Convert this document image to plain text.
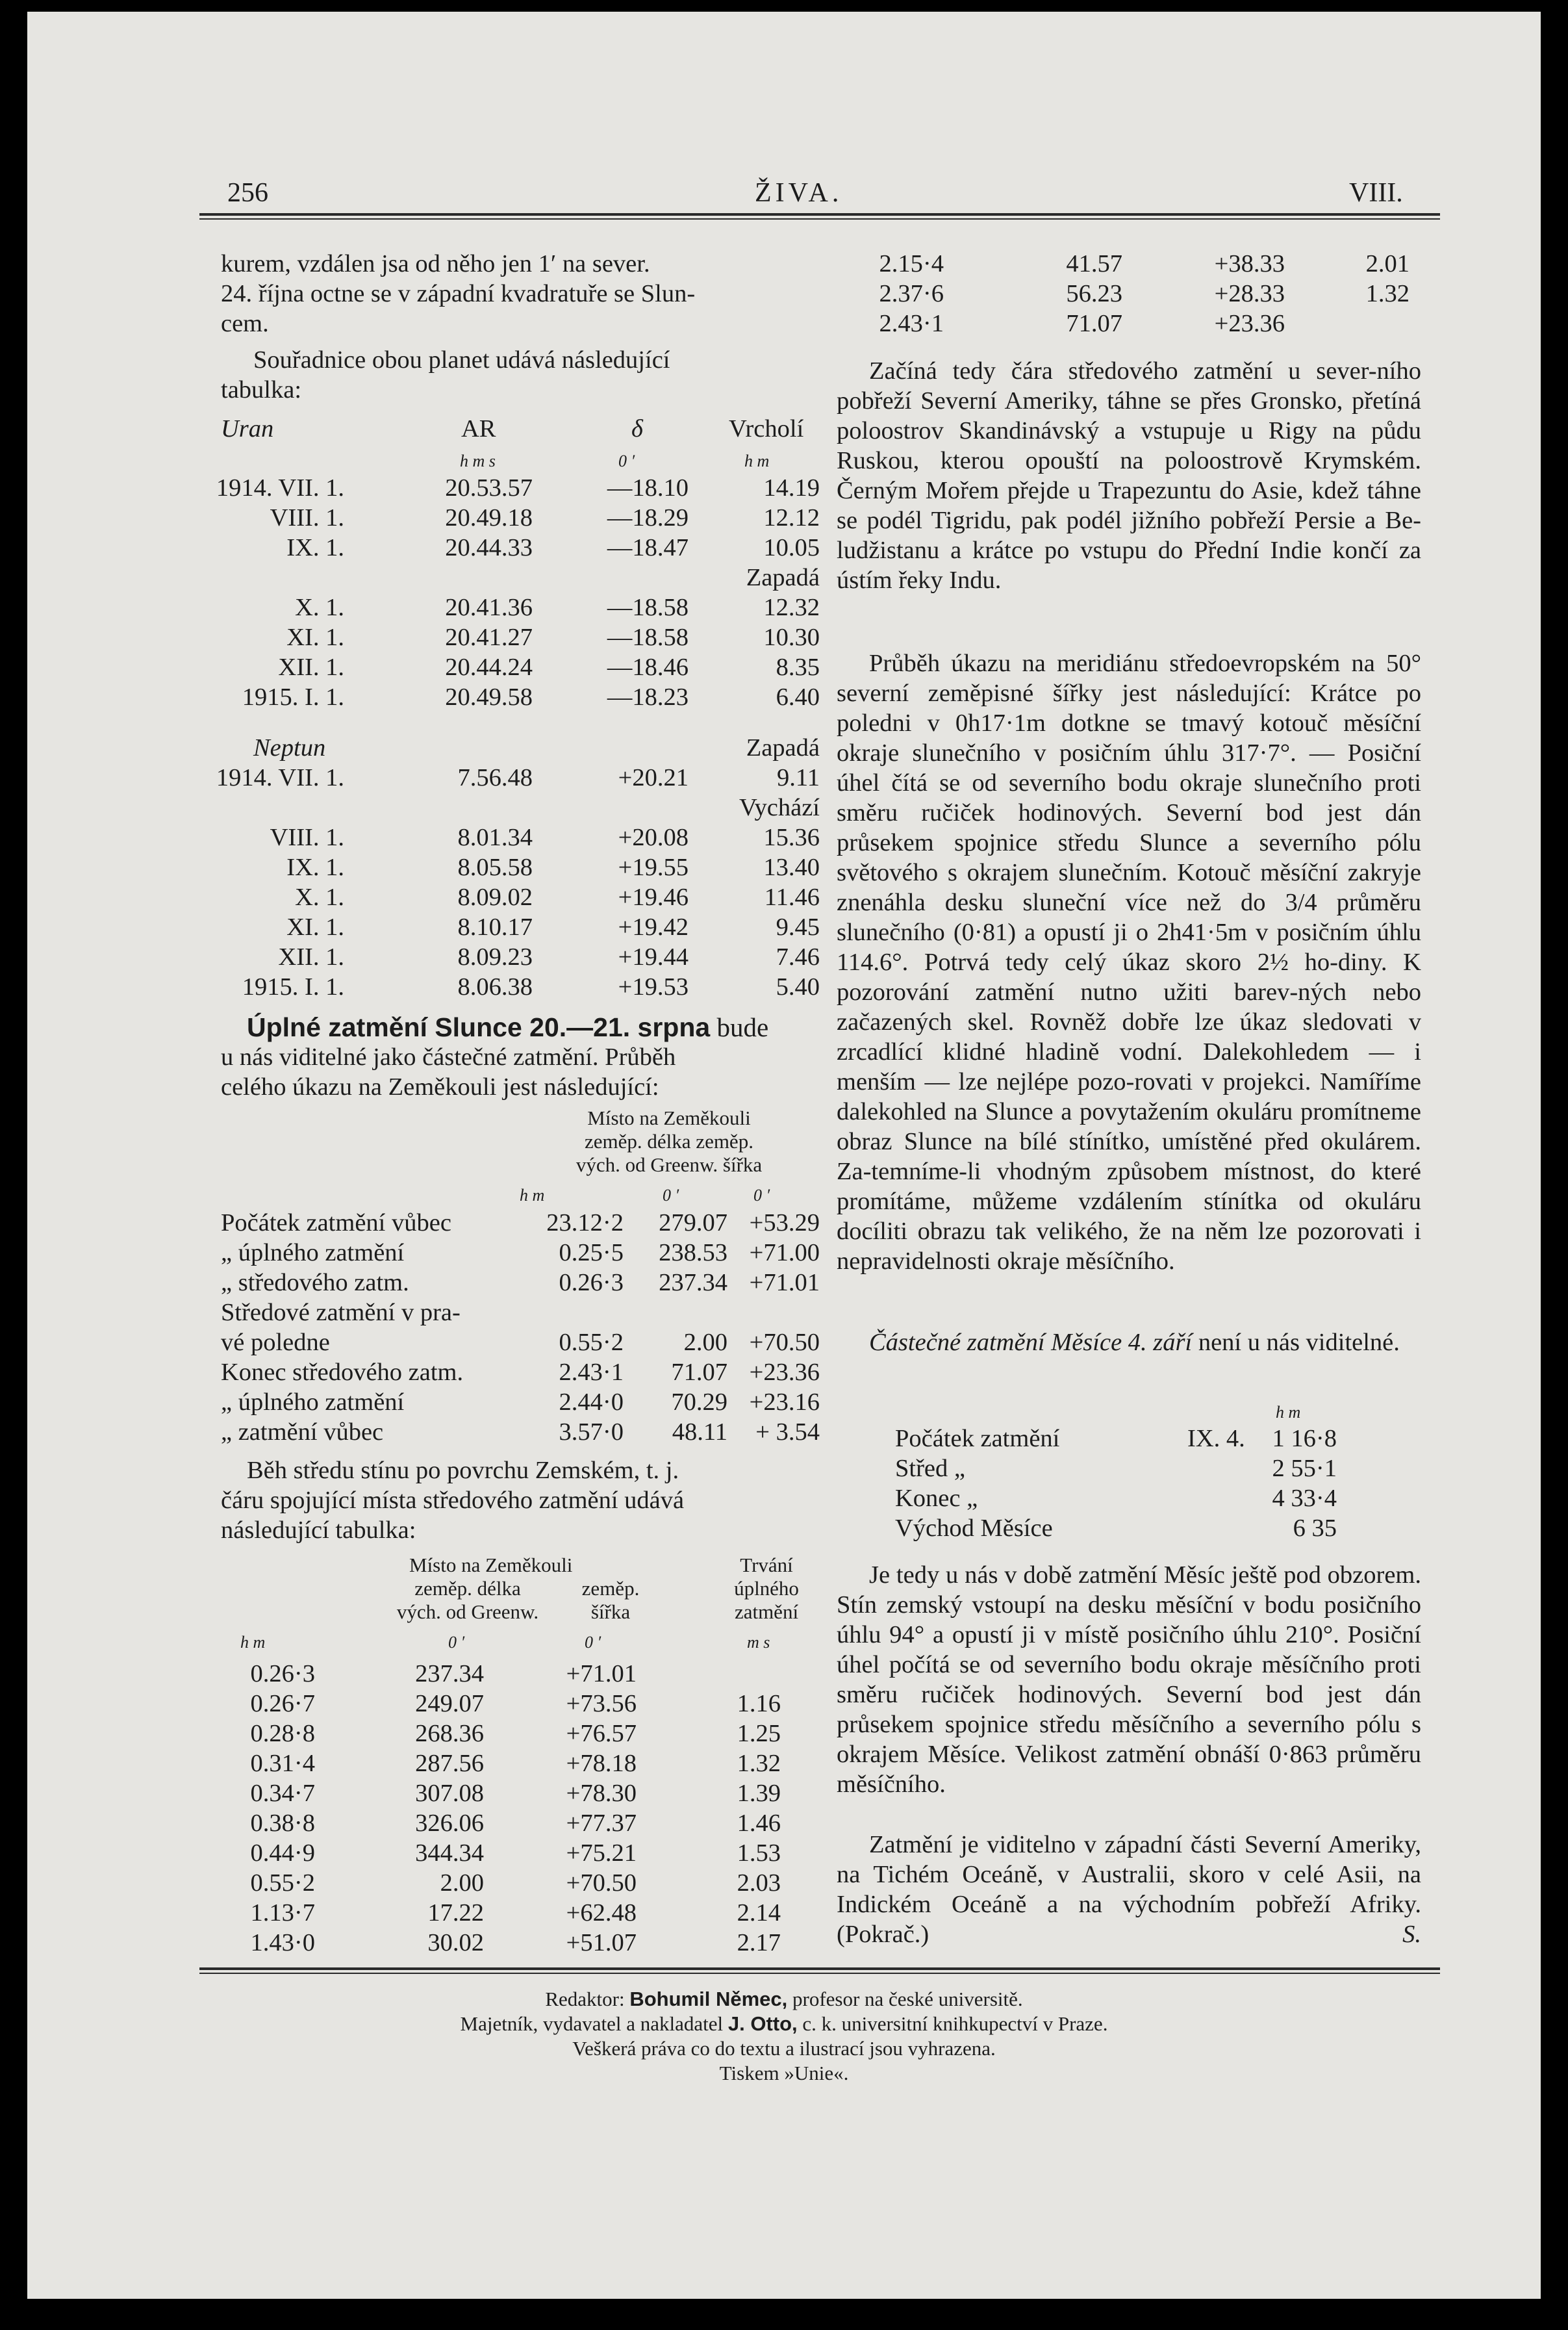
256	ŽIVA.	VIII.
kurem, vzdálen jsa od něho jen 1′ na sever.
24. října octne se v západní kvadratuře se Slun-
cem.
Souřadnice obou planet udává následující
tabulka:
Uran	AR	δ	Vrcholí
h m s	0 ′	h m
1914. VII. 1.	20.53.57	—18.10	14.19
VIII. 1.	20.49.18	—18.29	12.12
IX. 1.	20.44.33	—18.47	10.05
Zapadá
X. 1.	20.41.36	—18.58	12.32
XI. 1.	20.41.27	—18.58	10.30
XII. 1.	20.44.24	—18.46	8.35
1915. I. 1.	20.49.58	—18.23	6.40
Neptun	Zapadá
1914. VII. 1.	7.56.48	+20.21	9.11
Vychází
VIII. 1.	8.01.34	+20.08	15.36
IX. 1.	8.05.58	+19.55	13.40
X. 1.	8.09.02	+19.46	11.46
XI. 1.	8.10.17	+19.42	9.45
XII. 1.	8.09.23	+19.44	7.46
1915. I. 1.	8.06.38	+19.53	5.40
Úplné zatmění Slunce 20.—21. srpna bude
u nás viditelné jako částečné zatmění. Průběh
celého úkazu na Zeměkouli jest následující:
Místo na Zeměkouli
zeměp. délka zeměp.
vých. od Greenw. šířka
h m	0 ′	0 ′
Počátek zatmění vůbec	23.12·2 279.07 +53.29
„ úplného zatmění	0.25·5 238.53 +71.00
„ středového zatm.	0.26·3 237.34 +71.01
Středové zatmění v pra-
vé poledne	0.55·2 2.00 +70.50
Konec středového zatm.	2.43·1 71.07 +23.36
„ úplného zatmění	2.44·0 70.29 +23.16
„ zatmění vůbec	3.57·0 48.11 + 3.54
Běh středu stínu po povrchu Zemském, t. j.
čáru spojující místa středového zatmění udává
následující tabulka:
Místo na Zeměkouli
zeměp. délka
vých. od Greenw.
zeměp.
šířka
Trvání
úplného
zatmění
h m	0 ′	0 ′	m s
0.26·3	237.34	+71.01
0.26·7	249.07	+73.56	1.16
0.28·8	268.36	+76.57	1.25
0.31·4	287.56	+78.18	1.32
0.34·7	307.08	+78.30	1.39
0.38·8	326.06	+77.37	1.46
0.44·9	344.34	+75.21	1.53
0.55·2	2.00	+70.50	2.03
1.13·7	17.22	+62.48	2.14
1.43·0	30.02	+51.07	2.17
2.15·4	41.57	+38.33	2.01
2.37·6	56.23	+28.33	1.32
2.43·1	71.07	+23.36

Začíná tedy čára středového zatmění u sever-ního pobřeží Severní Ameriky, táhne se přes Gronsko, přetíná poloostrov Skandinávský a vstupuje u Rigy na půdu Ruskou, kterou opouští na poloostrově Krymském. Černým Mořem přejde u Trapezuntu do Asie, kdež táhne se podél Tigridu, pak podél jižního pobřeží Persie a Be-ludžistanu a krátce po vstupu do Přední Indie končí za ústím řeky Indu.

Průběh úkazu na meridiánu středoevropském na 50° severní zeměpisné šířky jest následující: Krátce po poledni v 0h17·1m dotkne se tmavý kotouč měsíční okraje slunečního v posičním úhlu 317·7°. — Posiční úhel čítá se od severního bodu okraje slunečního proti směru ručiček hodinových. Severní bod jest dán průsekem spojnice středu Slunce a severního pólu světového s okrajem slunečním. Kotouč měsíční zakryje znenáhla desku sluneční více než do 3/4 průměru slunečního (0·81) a opustí ji o 2h41·5m v posičním úhlu 114.6°. Potrvá tedy celý úkaz skoro 2½ ho-diny. K pozorování zatmění nutno užiti barev-ných nebo začazených skel. Rovněž dobře lze úkaz sledovati v zrcadlící klidné hladině vodní. Dalekohledem — i menším — lze nejlépe pozo-rovati v projekci. Namíříme dalekohled na Slunce a povytažením okuláru promítneme obraz Slunce na bílé stínítko, umístěné před okulárem. Za-temníme-li vhodným způsobem místnost, do které promítáme, můžeme vzdálením stínítka od okuláru docíliti obrazu tak velikého, že na něm lze pozorovati i nepravidelnosti okraje měsíčního.

Částečné zatmění Měsíce 4. září není u nás viditelné.

h m
Počátek zatmění	IX. 4. 1 16·8
Střed „	2 55·1
Konec „	4 33·4
Východ Měsíce	6 35

Je tedy u nás v době zatmění Měsíc ještě pod obzorem. Stín zemský vstoupí na desku měsíční v bodu posičního úhlu 94° a opustí ji v místě posičního úhlu 210°. Posiční úhel počítá se od severního bodu okraje měsíčního proti směru ručiček hodinových. Severní bod jest dán průsekem spojnice středu měsíčního a severního pólu s okrajem Měsíce. Velikost zatmění obnáší 0·863 průměru měsíčního.

Zatmění je viditelno v západní části Severní Ameriky, na Tichém Oceáně, v Australii, skoro v celé Asii, na Indickém Oceáně a na východním pobřeží Afriky. (Pokrač.)	S.

Redaktor: Bohumil Němec, profesor na české universitě.
Majetník, vydavatel a nakladatel J. Otto, c. k. universitní knihkupectví v Praze.
Veškerá práva co do textu a ilustrací jsou vyhrazena.
Tiskem »Unie«.
